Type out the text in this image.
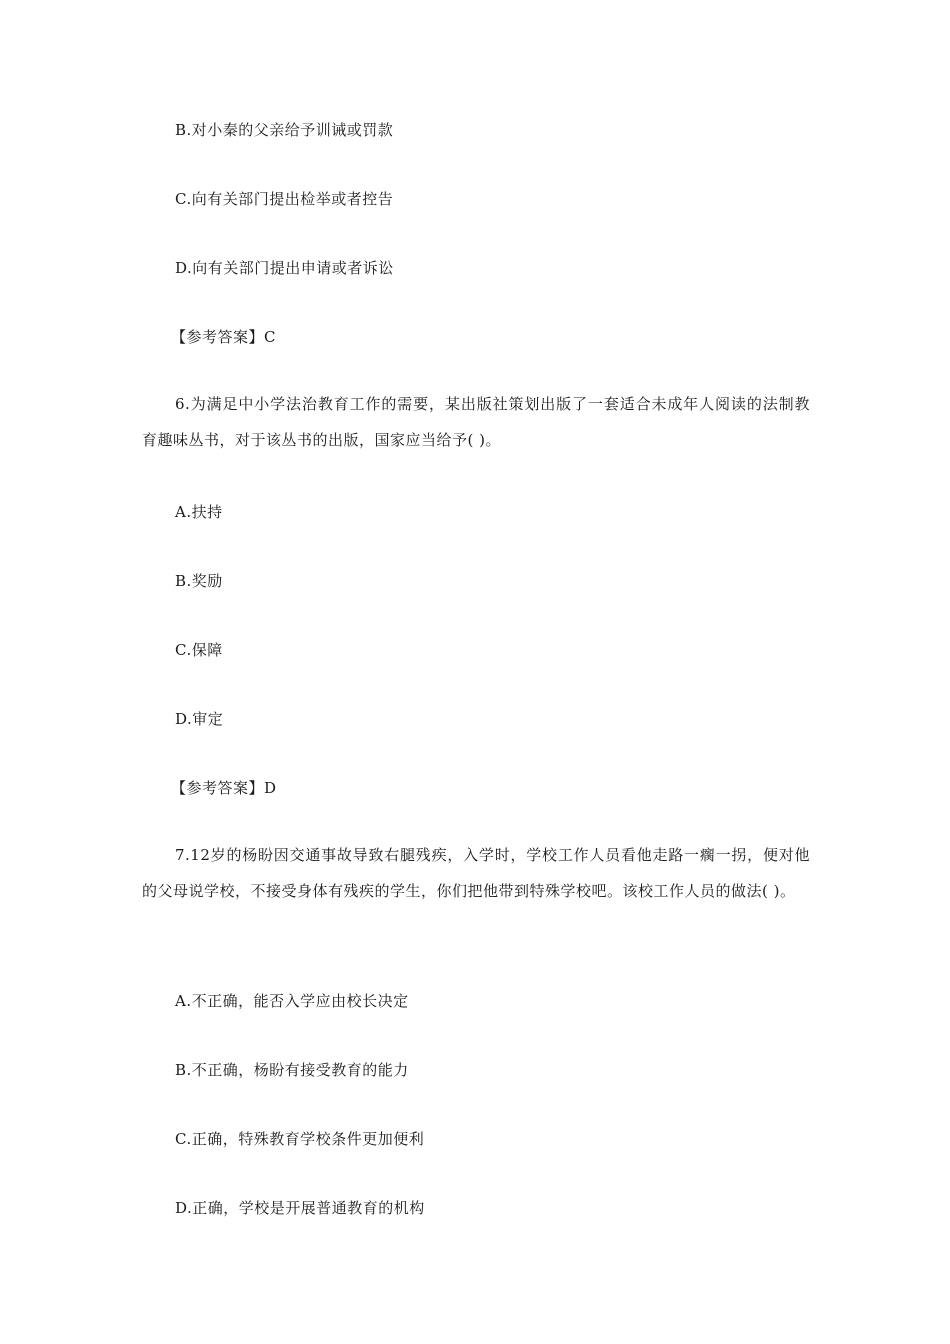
B.对小秦的父亲给予训诫或罚款
C.向有关部门提出检举或者控告
D.向有关部门提出申请或者诉讼
【参考答案】C
6.为满足中小学法治教育工作的需要，某出版社策划出版了一套适合未成年人阅读的法制教育趣味丛书，对于该丛书的出版，国家应当给予( )。
A.扶持
B.奖励
C.保障
D.审定
【参考答案】D
7.12岁的杨盼因交通事故导致右腿残疾，入学时，学校工作人员看他走路一瘸一拐，便对他的父母说学校，不接受身体有残疾的学生，你们把他带到特殊学校吧。该校工作人员的做法( )。
A.不正确，能否入学应由校长决定
B.不正确，杨盼有接受教育的能力
C.正确，特殊教育学校条件更加便利
D.正确，学校是开展普通教育的机构
